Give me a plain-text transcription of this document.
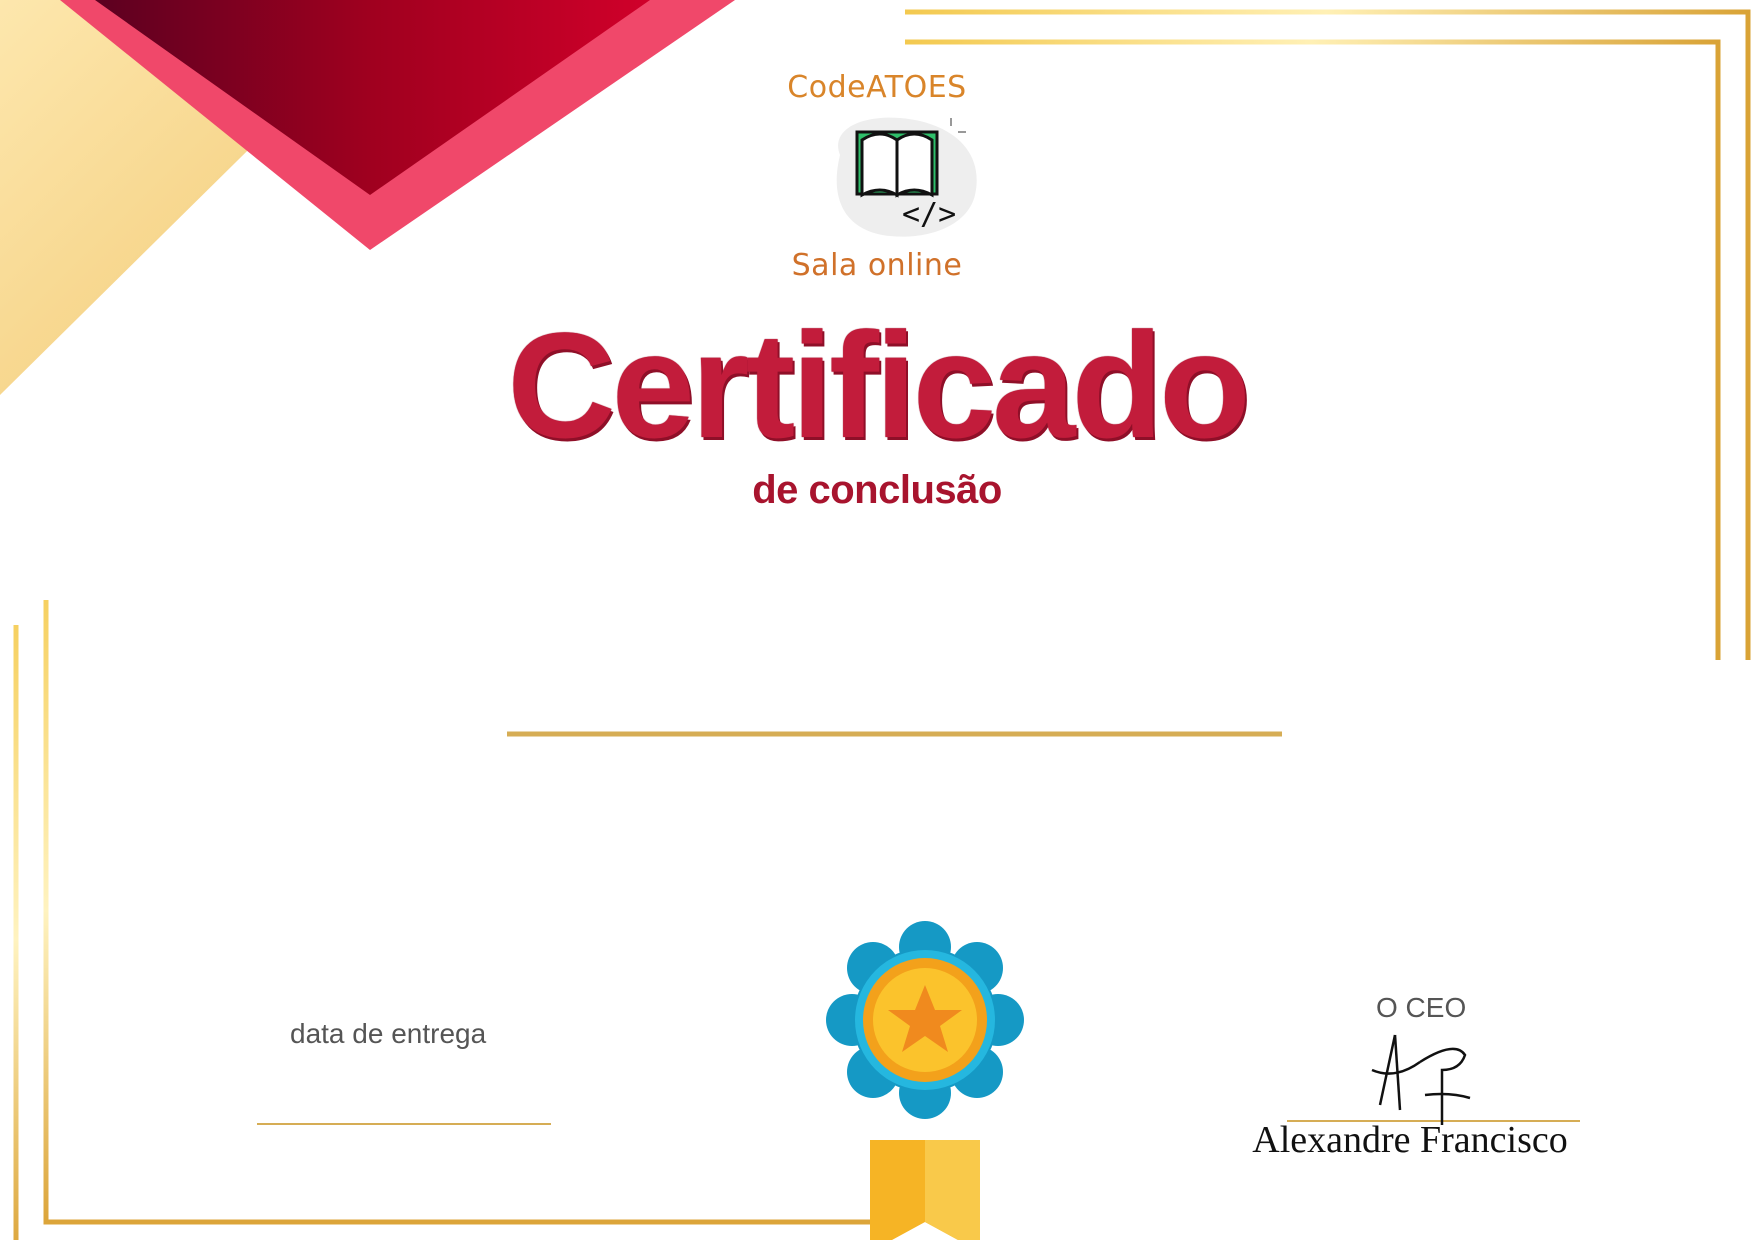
</>
CodeATOES
Sala online
Certificado
de conclusão
data de entrega
O CEO
Alexandre Francisco
